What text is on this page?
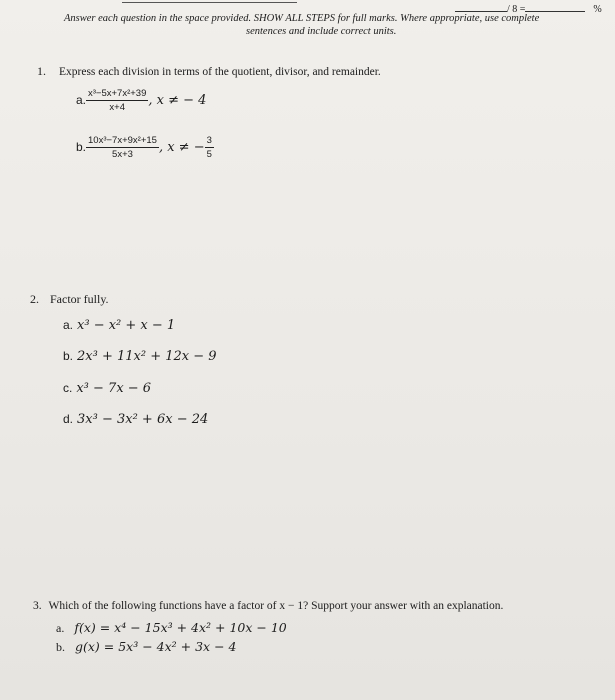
/ 8 =	%
Answer each question in the space provided. SHOW ALL STEPS for full marks. Where appropriate, use complete
sentences and include correct units.
1. Express each division in terms of the quotient, divisor, and remainder.
a. $\frac{\text{x³−5x+7x²+39}}{x+4}$ , x ≠ − 4
b. $\frac{\text{10x³−7x+9x²+15}}{5x+3}$ , x ≠ − $\frac{3}{5}$
2. Factor fully.
a. x³ − x² + x − 1
b. 2x³ + 11x² + 12x − 9
c. x³ − 7x − 6
d. 3x³ − 3x² + 6x − 24
3. Which of the following functions have a factor of x − 1? Support your answer with an explanation.
a. f(x) = x⁴ − 15x³ + 4x² + 10x − 10
b. g(x) = 5x³ − 4x² + 3x − 4
